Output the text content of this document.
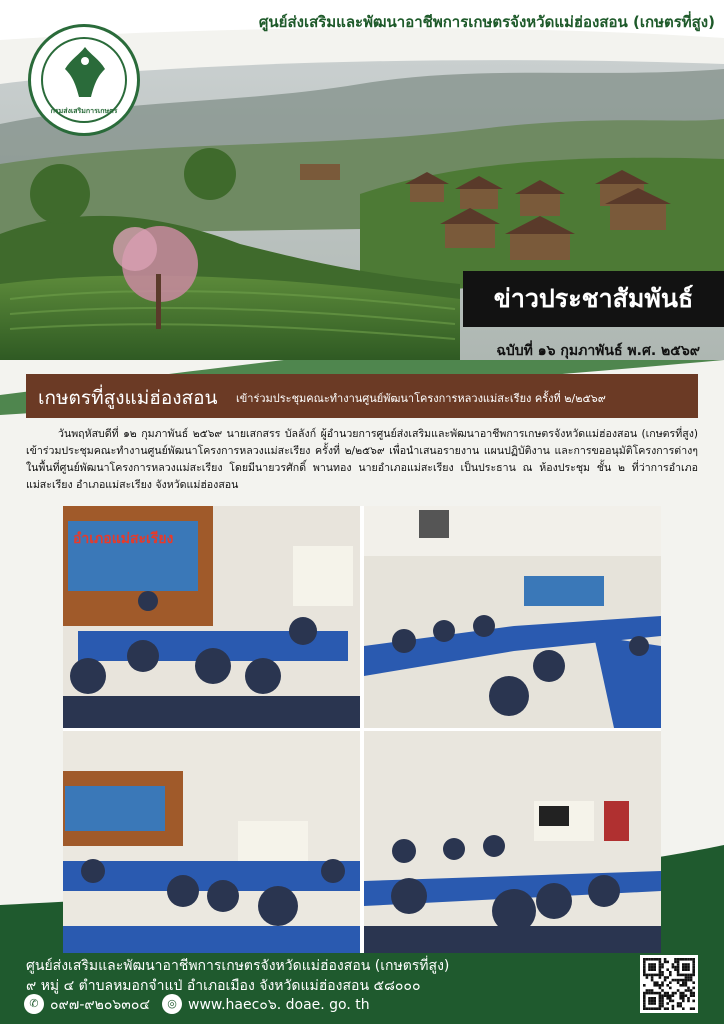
ศูนย์ส่งเสริมและพัฒนาอาชีพการเกษตรจังหวัดแม่ฮ่องสอน (เกษตรที่สูง)
กรมส่งเสริมการเกษตร
ข่าวประชาสัมพันธ์
ฉบับที่ ๑๖ กุมภาพันธ์ พ.ศ. ๒๕๖๙
เกษตรที่สูงแม่ฮ่องสอน เข้าร่วมประชุมคณะทำงานศูนย์พัฒนาโครงการหลวงแม่สะเรียง ครั้งที่ ๒/๒๕๖๙
วันพฤหัสบดีที่ ๑๒ กุมภาพันธ์ ๒๕๖๙ นายเสกสรร บัลลังก์ ผู้อำนวยการศูนย์ส่งเสริมและพัฒนาอาชีพการเกษตรจังหวัดแม่ฮ่องสอน (เกษตรที่สูง) เข้าร่วมประชุมคณะทำงานศูนย์พัฒนาโครงการหลวงแม่สะเรียง ครั้งที่ ๒/๒๕๖๙ เพื่อนำเสนอรายงาน แผนปฏิบัติงาน และการขออนุมัติโครงการต่างๆ ในพื้นที่ศูนย์พัฒนาโครงการหลวงแม่สะเรียง โดยมีนายวรศักดิ์ พานทอง นายอำเภอแม่สะเรียง เป็นประธาน ณ ห้องประชุม ชั้น ๒ ที่ว่าการอำเภอแม่สะเรียง อำเภอแม่สะเรียง จังหวัดแม่ฮ่องสอน
อำเภอแม่สะเรียง
ศูนย์ส่งเสริมและพัฒนาอาชีพการเกษตรจังหวัดแม่ฮ่องสอน (เกษตรที่สูง)
๙ หมู่ ๔ ตำบลหมอกจำแป่ อำเภอเมือง จังหวัดแม่ฮ่องสอน ๕๘๐๐๐
✆ ๐๙๗-๙๒๐๖๓๐๔	◎ www.haec๐๖. doae. go. th
